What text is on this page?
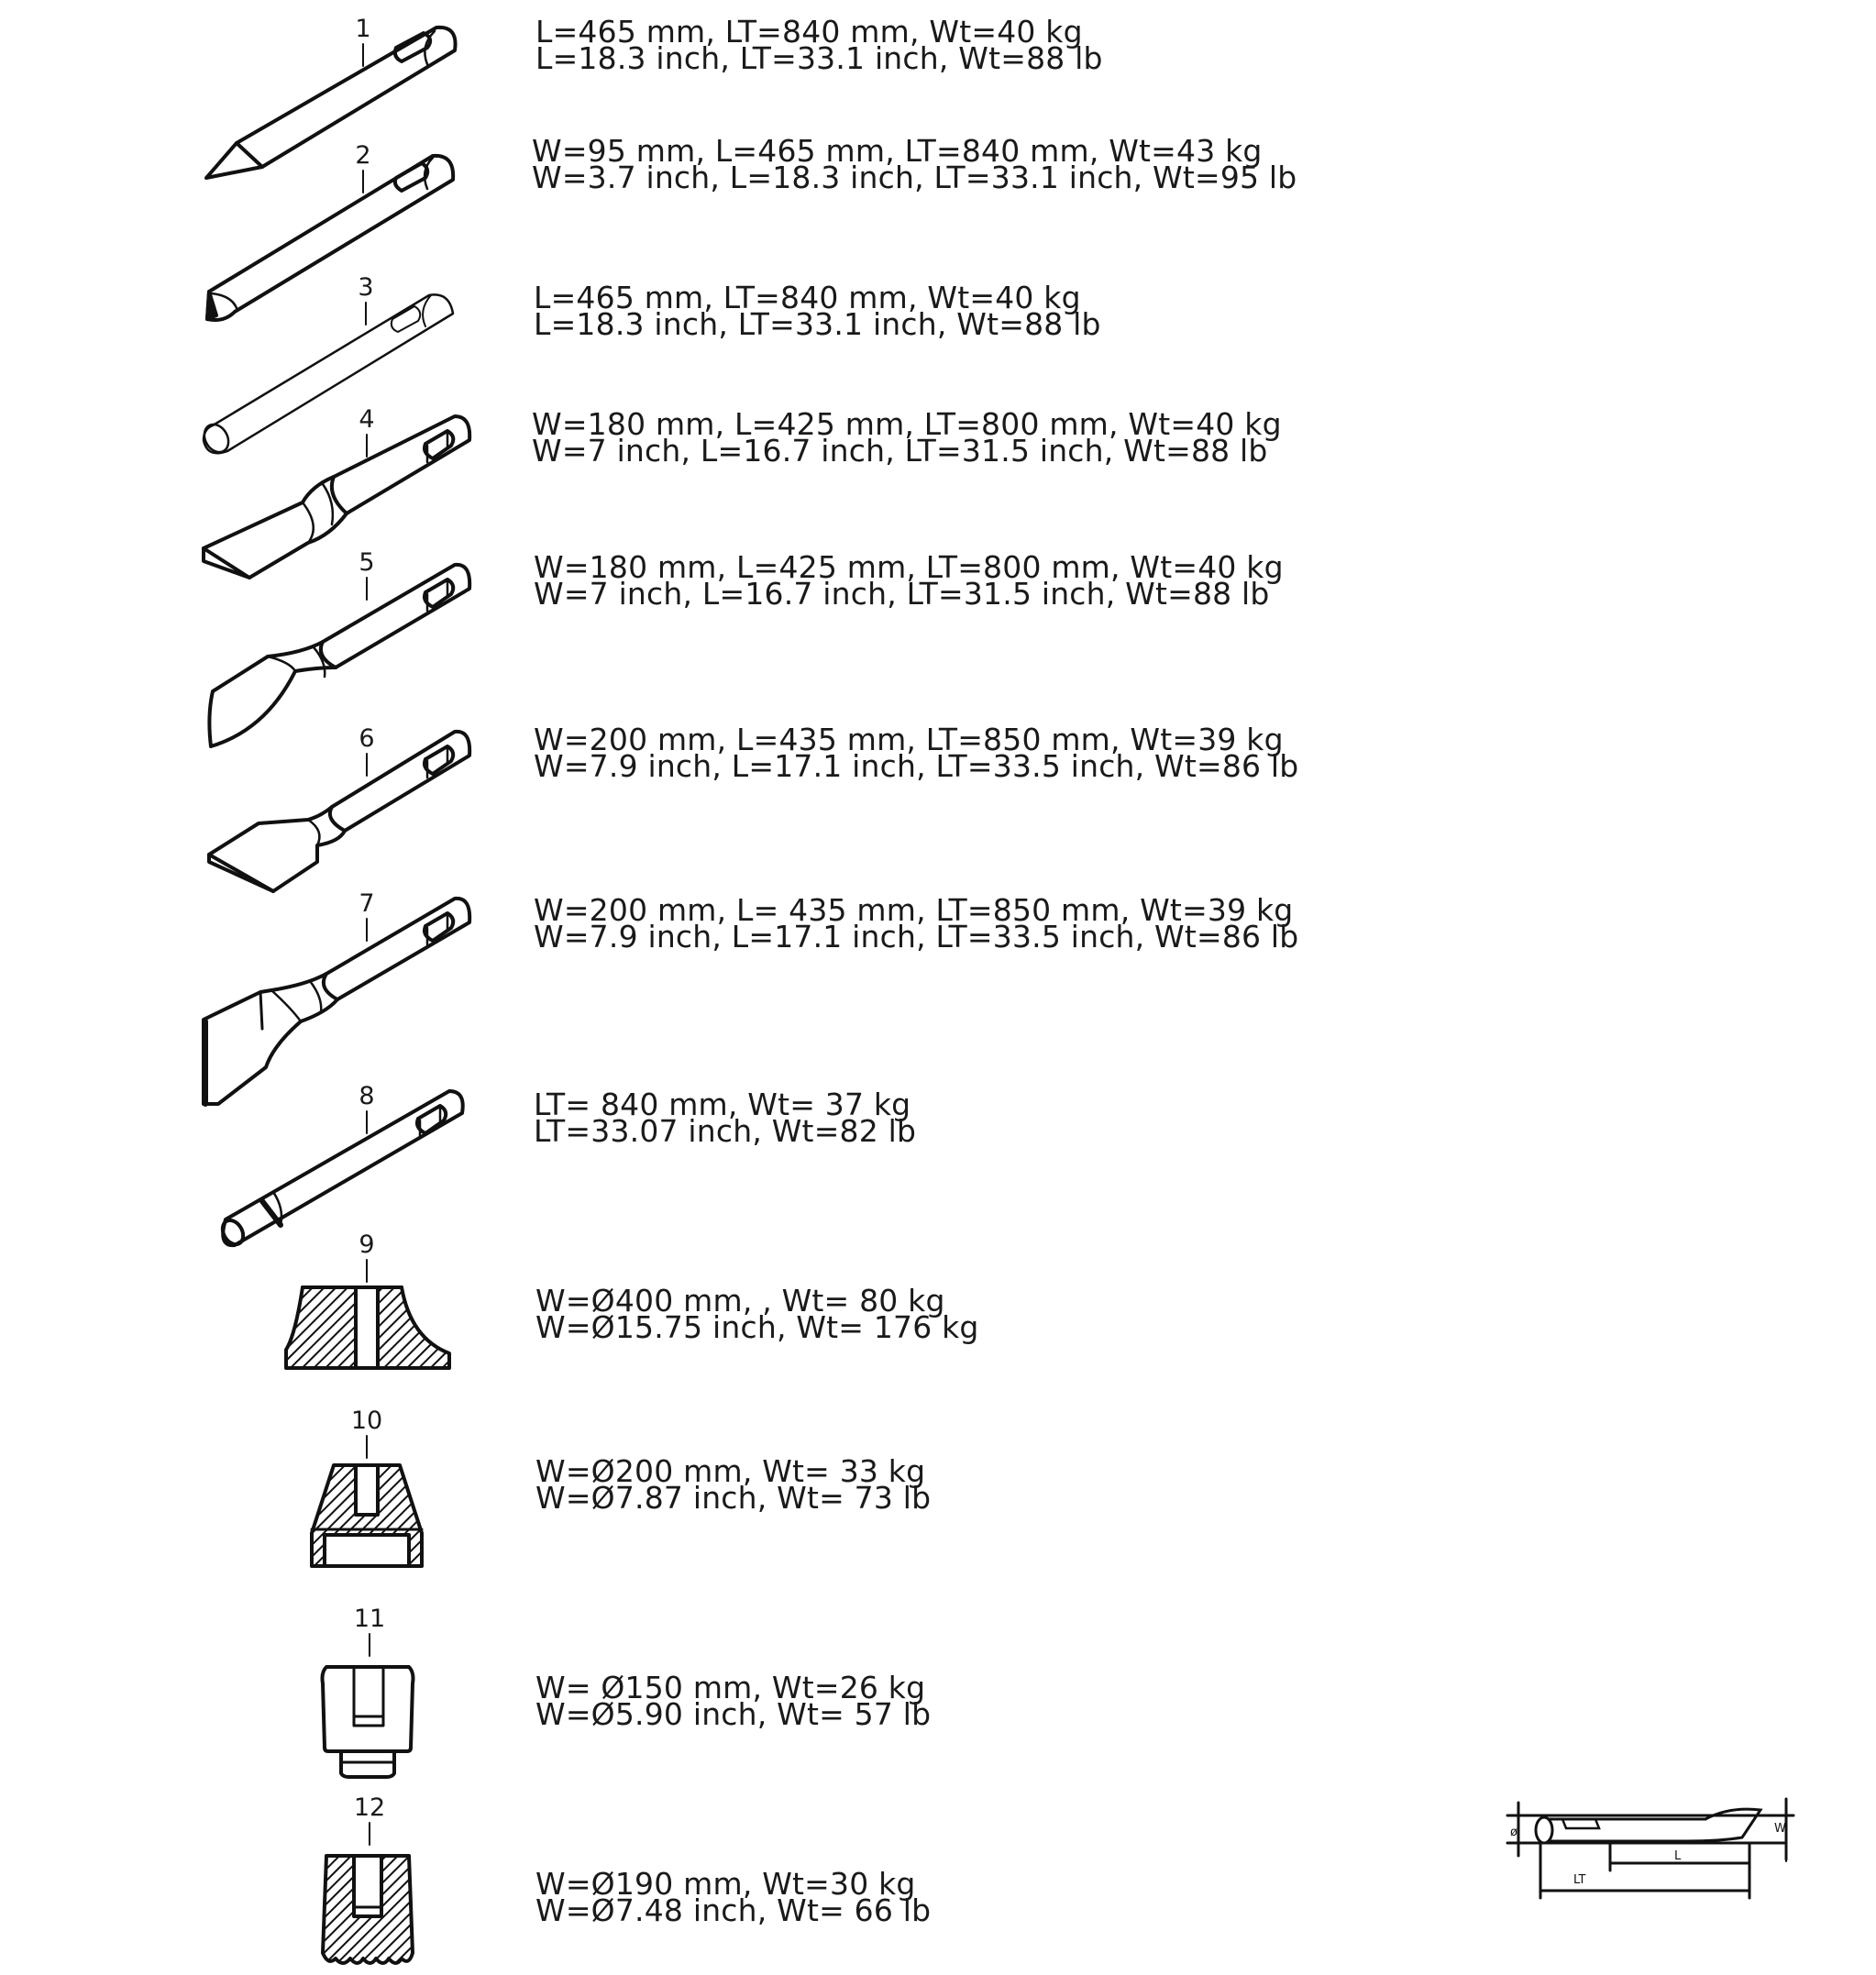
ø	W
LT
L
1
2
3
4
5
6
7
8
9
10
11
12
L=465 mm, LT=840 mm, Wt=40 kg
L=18.3 inch, LT=33.1 inch, Wt=88 lb
W=95 mm, L=465 mm, LT=840 mm, Wt=43 kg
W=3.7 inch, L=18.3 inch, LT=33.1 inch, Wt=95 lb
L=465 mm, LT=840 mm, Wt=40 kg
L=18.3 inch, LT=33.1 inch, Wt=88 lb
W=180 mm, L=425 mm, LT=800 mm, Wt=40 kg
W=7 inch, L=16.7 inch, LT=31.5 inch, Wt=88 lb
W=180 mm, L=425 mm, LT=800 mm, Wt=40 kg
W=7 inch, L=16.7 inch, LT=31.5 inch, Wt=88 lb
W=200 mm, L=435 mm, LT=850 mm, Wt=39 kg
W=7.9 inch, L=17.1 inch, LT=33.5 inch, Wt=86 lb
W=200 mm, L= 435 mm, LT=850 mm, Wt=39 kg
W=7.9 inch, L=17.1 inch, LT=33.5 inch, Wt=86 lb
LT= 840 mm, Wt= 37 kg
LT=33.07 inch, Wt=82 lb
W=Ø400 mm, , Wt= 80 kg
W=Ø15.75 inch, Wt= 176 kg
W=Ø200 mm, Wt= 33 kg
W=Ø7.87 inch, Wt= 73 lb
W= Ø150 mm, Wt=26 kg
W=Ø5.90 inch, Wt= 57 lb
W=Ø190 mm, Wt=30 kg
W=Ø7.48 inch, Wt= 66 lb
